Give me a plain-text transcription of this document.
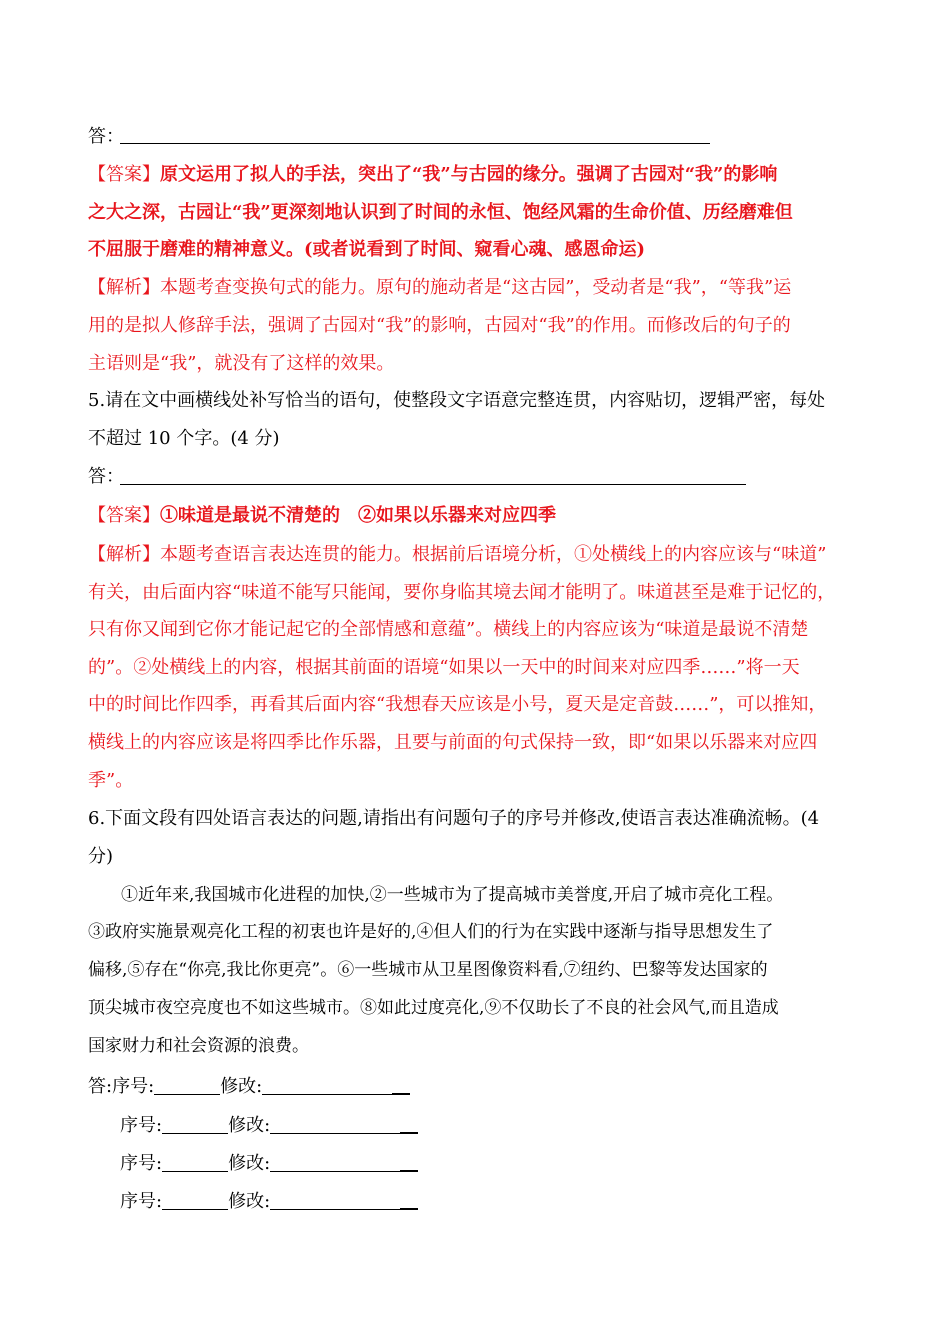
答：
【答案】原文运用了拟人的手法，突出了“我”与古园的缘分。强调了古园对“我”的影响
之大之深，古园让“我”更深刻地认识到了时间的永恒、饱经风霜的生命价值、历经磨难但
不屈服于磨难的精神意义。(或者说看到了时间、窥看心魂、感恩命运)
【解析】本题考查变换句式的能力。原句的施动者是“这古园”，受动者是“我”，“等我”运
用的是拟人修辞手法，强调了古园对“我”的影响，古园对“我”的作用。而修改后的句子的
主语则是“我”，就没有了这样的效果。
5.请在文中画横线处补写恰当的语句，使整段文字语意完整连贯，内容贴切，逻辑严密，每处
不超过 10 个字。(4 分)
答：
【答案】①味道是最说不清楚的　②如果以乐器来对应四季
【解析】本题考查语言表达连贯的能力。根据前后语境分析，①处横线上的内容应该与“味道”
有关，由后面内容“味道不能写只能闻，要你身临其境去闻才能明了。味道甚至是难于记忆的，
只有你又闻到它你才能记起它的全部情感和意蕴”。横线上的内容应该为“味道是最说不清楚
的”。②处横线上的内容，根据其前面的语境“如果以一天中的时间来对应四季……”将一天
中的时间比作四季，再看其后面内容“我想春天应该是小号，夏天是定音鼓……”，可以推知，
横线上的内容应该是将四季比作乐器，且要与前面的句式保持一致，即“如果以乐器来对应四
季”。
6.下面文段有四处语言表达的问题,请指出有问题句子的序号并修改,使语言表达准确流畅。(4
分)
①近年来,我国城市化进程的加快,②一些城市为了提高城市美誉度,开启了城市亮化工程。
③政府实施景观亮化工程的初衷也许是好的,④但人们的行为在实践中逐渐与指导思想发生了
偏移,⑤存在“你亮,我比你更亮”。⑥一些城市从卫星图像资料看,⑦纽约、巴黎等发达国家的
顶尖城市夜空亮度也不如这些城市。⑧如此过度亮化,⑨不仅助长了不良的社会风气,而且造成
国家财力和社会资源的浪费。
答:序号:	修改:
序号:	修改:
序号:	修改:
序号:	修改:
